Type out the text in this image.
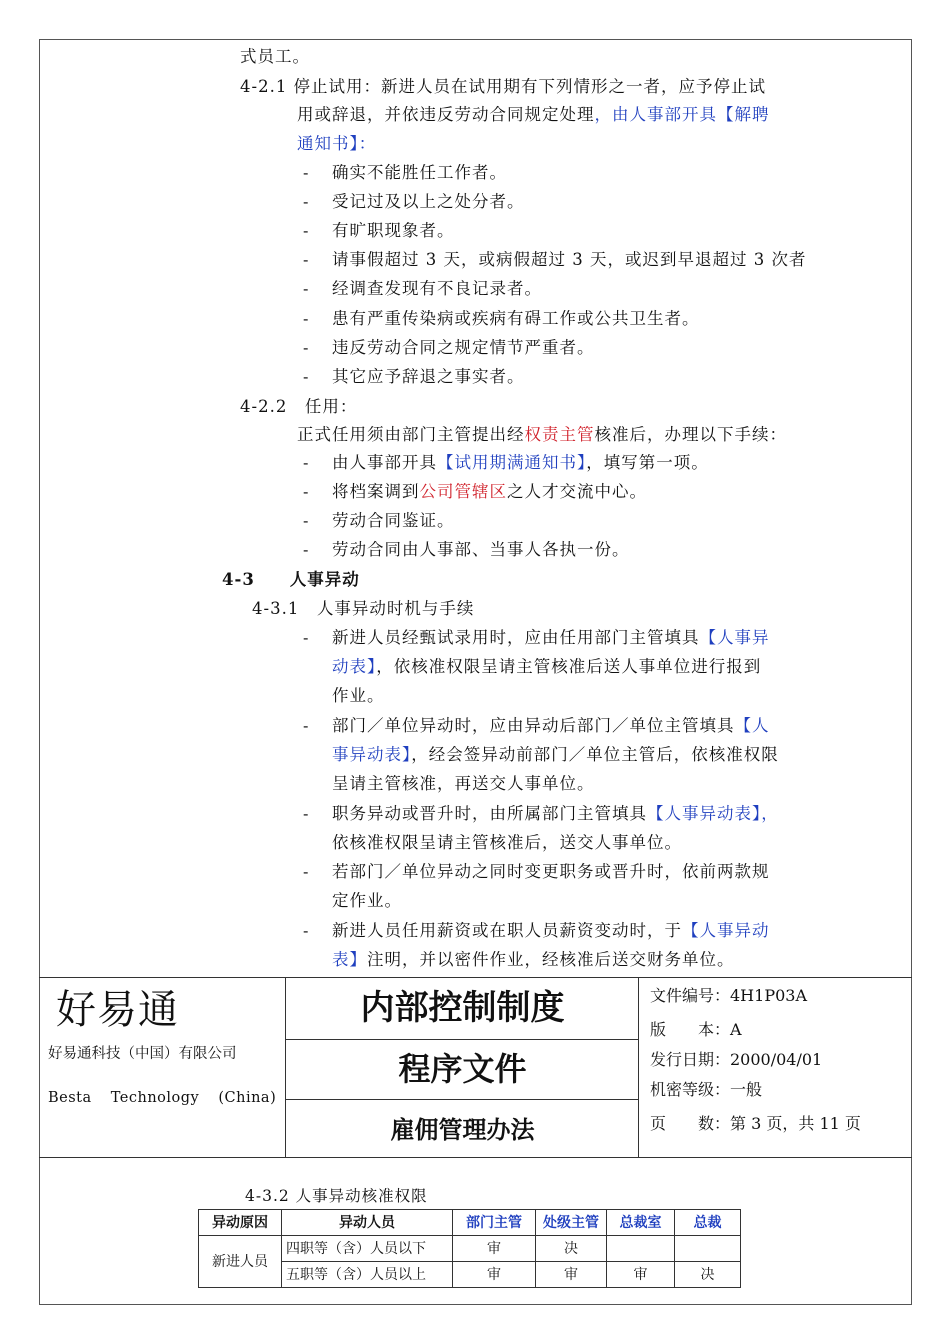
式员工。
4-2.1 停止试用：新进人员在试用期有下列情形之一者，应予停止试
用或辞退，并依违反劳动合同规定处理，由人事部开具【解聘
通知书】：
- 确实不能胜任工作者。
- 受记过及以上之处分者。
- 有旷职现象者。
- 请事假超过 3 天，或病假超过 3 天，或迟到早退超过 3 次者
- 经调查发现有不良记录者。
- 患有严重传染病或疾病有碍工作或公共卫生者。
- 违反劳动合同之规定情节严重者。
- 其它应予辞退之事实者。
4-2.2　任用：
正式任用须由部门主管提出经权责主管核准后，办理以下手续：
- 由人事部开具【试用期满通知书】，填写第一项。
- 将档案调到公司管辖区之人才交流中心。
- 劳动合同鉴证。
- 劳动合同由人事部、当事人各执一份。
4-3　　人事异动
4-3.1　人事异动时机与手续
- 新进人员经甄试录用时，应由任用部门主管填具【人事异
动表】，依核准权限呈请主管核准后送人事单位进行报到
作业。
- 部门／单位异动时，应由异动后部门／单位主管填具【人
事异动表】，经会签异动前部门／单位主管后，依核准权限
呈请主管核准，再送交人事单位。
- 职务异动或晋升时，由所属部门主管填具【人事异动表】，
依核准权限呈请主管核准后，送交人事单位。
- 若部门／单位异动之同时变更职务或晋升时，依前两款规
定作业。
- 新进人员任用薪资或在职人员薪资变动时，于【人事异动
表】注明，并以密件作业，经核准后送交财务单位。
好易通
好易通科技（中国）有限公司
Besta Technology (China)
内部控制制度
程序文件
雇佣管理办法
文件编号：4H1P03A
版　　本：A
发行日期：2000/04/01
机密等级：一般
页　　数：第 3 页，共 11 页
4-3.2 人事异动核准权限
异动原因	异动人员	部门主管	处级主管	总裁室	总裁
新进人员	四职等（含）人员以下	审	决		
	五职等（含）人员以上	审	审	审	决
